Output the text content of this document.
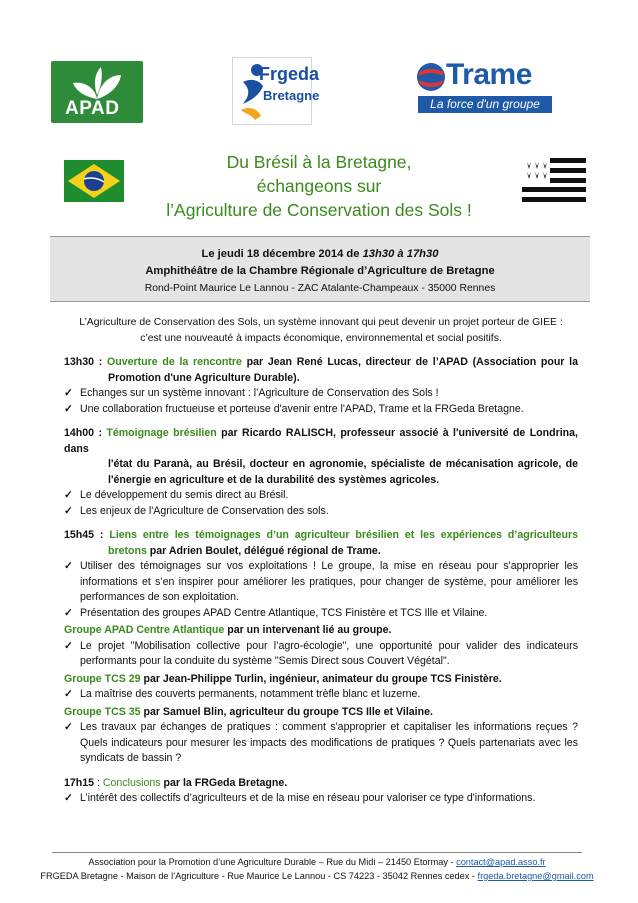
APAD
Frgeda
Bretagne
Trame
La force d'un groupe
Du Brésil à la Bretagne,
échangeons sur
l’Agriculture de Conservation des Sols !
Le jeudi 18 décembre 2014 de 13h30 à 17h30
Amphithéâtre de la Chambre Régionale d’Agriculture de Bretagne
Rond-Point Maurice Le Lannou - ZAC Atalante-Champeaux - 35000 Rennes
L’Agriculture de Conservation des Sols, un système innovant qui peut devenir un projet porteur de GIEE :
c’est une nouveauté à impacts économique, environnemental et social positifs.
13h30 : Ouverture de la rencontre par Jean René Lucas, directeur de l’APAD (Association pour la
Promotion d'une Agriculture Durable).
✓ Echanges sur un système innovant : l’Agriculture de Conservation des Sols !
✓ Une collaboration fructueuse et porteuse d'avenir entre l'APAD, Trame et la FRGeda Bretagne.
14h00 : Témoignage brésilien par Ricardo RALISCH, professeur associé à l'université de Londrina, dans
l'état du Paranà, au Brésil, docteur en agronomie, spécialiste de mécanisation agricole, de
l'énergie en agriculture et de la durabilité des systèmes agricoles.
✓ Le développement du semis direct au Brésil.
✓ Les enjeux de l'Agriculture de Conservation des sols.
15h45 : Liens entre les témoignages d’un agriculteur brésilien et les expériences d’agriculteurs
bretons par Adrien Boulet, délégué régional de Trame.
✓ Utiliser des témoignages sur vos exploitations ! Le groupe, la mise en réseau pour s'approprier les informations et s’en inspirer pour améliorer les pratiques, pour changer de système, pour améliorer les performances de son exploitation.
✓ Présentation des groupes APAD Centre Atlantique, TCS Finistère et TCS Ille et Vilaine.
Groupe APAD Centre Atlantique par un intervenant lié au groupe.
✓ Le projet "Mobilisation collective pour l’agro-écologie", une opportunité pour valider des indicateurs performants pour la conduite du système "Semis Direct sous Couvert Végétal".
Groupe TCS 29 par Jean-Philippe Turlin, ingénieur, animateur du groupe TCS Finistère.
✓ La maîtrise des couverts permanents, notamment trèfle blanc et luzerne.
Groupe TCS 35 par Samuel Blin, agriculteur du groupe TCS Ille et Vilaine.
✓ Les travaux par échanges de pratiques : comment s'approprier et capitaliser les informations reçues ? Quels indicateurs pour mesurer les impacts des modifications de pratiques ? Quels partenariats avec les syndicats de bassin ?
17h15 : Conclusions par la FRGeda Bretagne.
✓ L’intérêt des collectifs d’agriculteurs et de la mise en réseau pour valoriser ce type d'informations.
Association pour la Promotion d’une Agriculture Durable – Rue du Midi – 21450 Etormay - contact@apad.asso.fr
FRGEDA Bretagne - Maison de l’Agriculture - Rue Maurice Le Lannou - CS 74223 - 35042 Rennes cedex - frgeda.bretagne@gmail.com
